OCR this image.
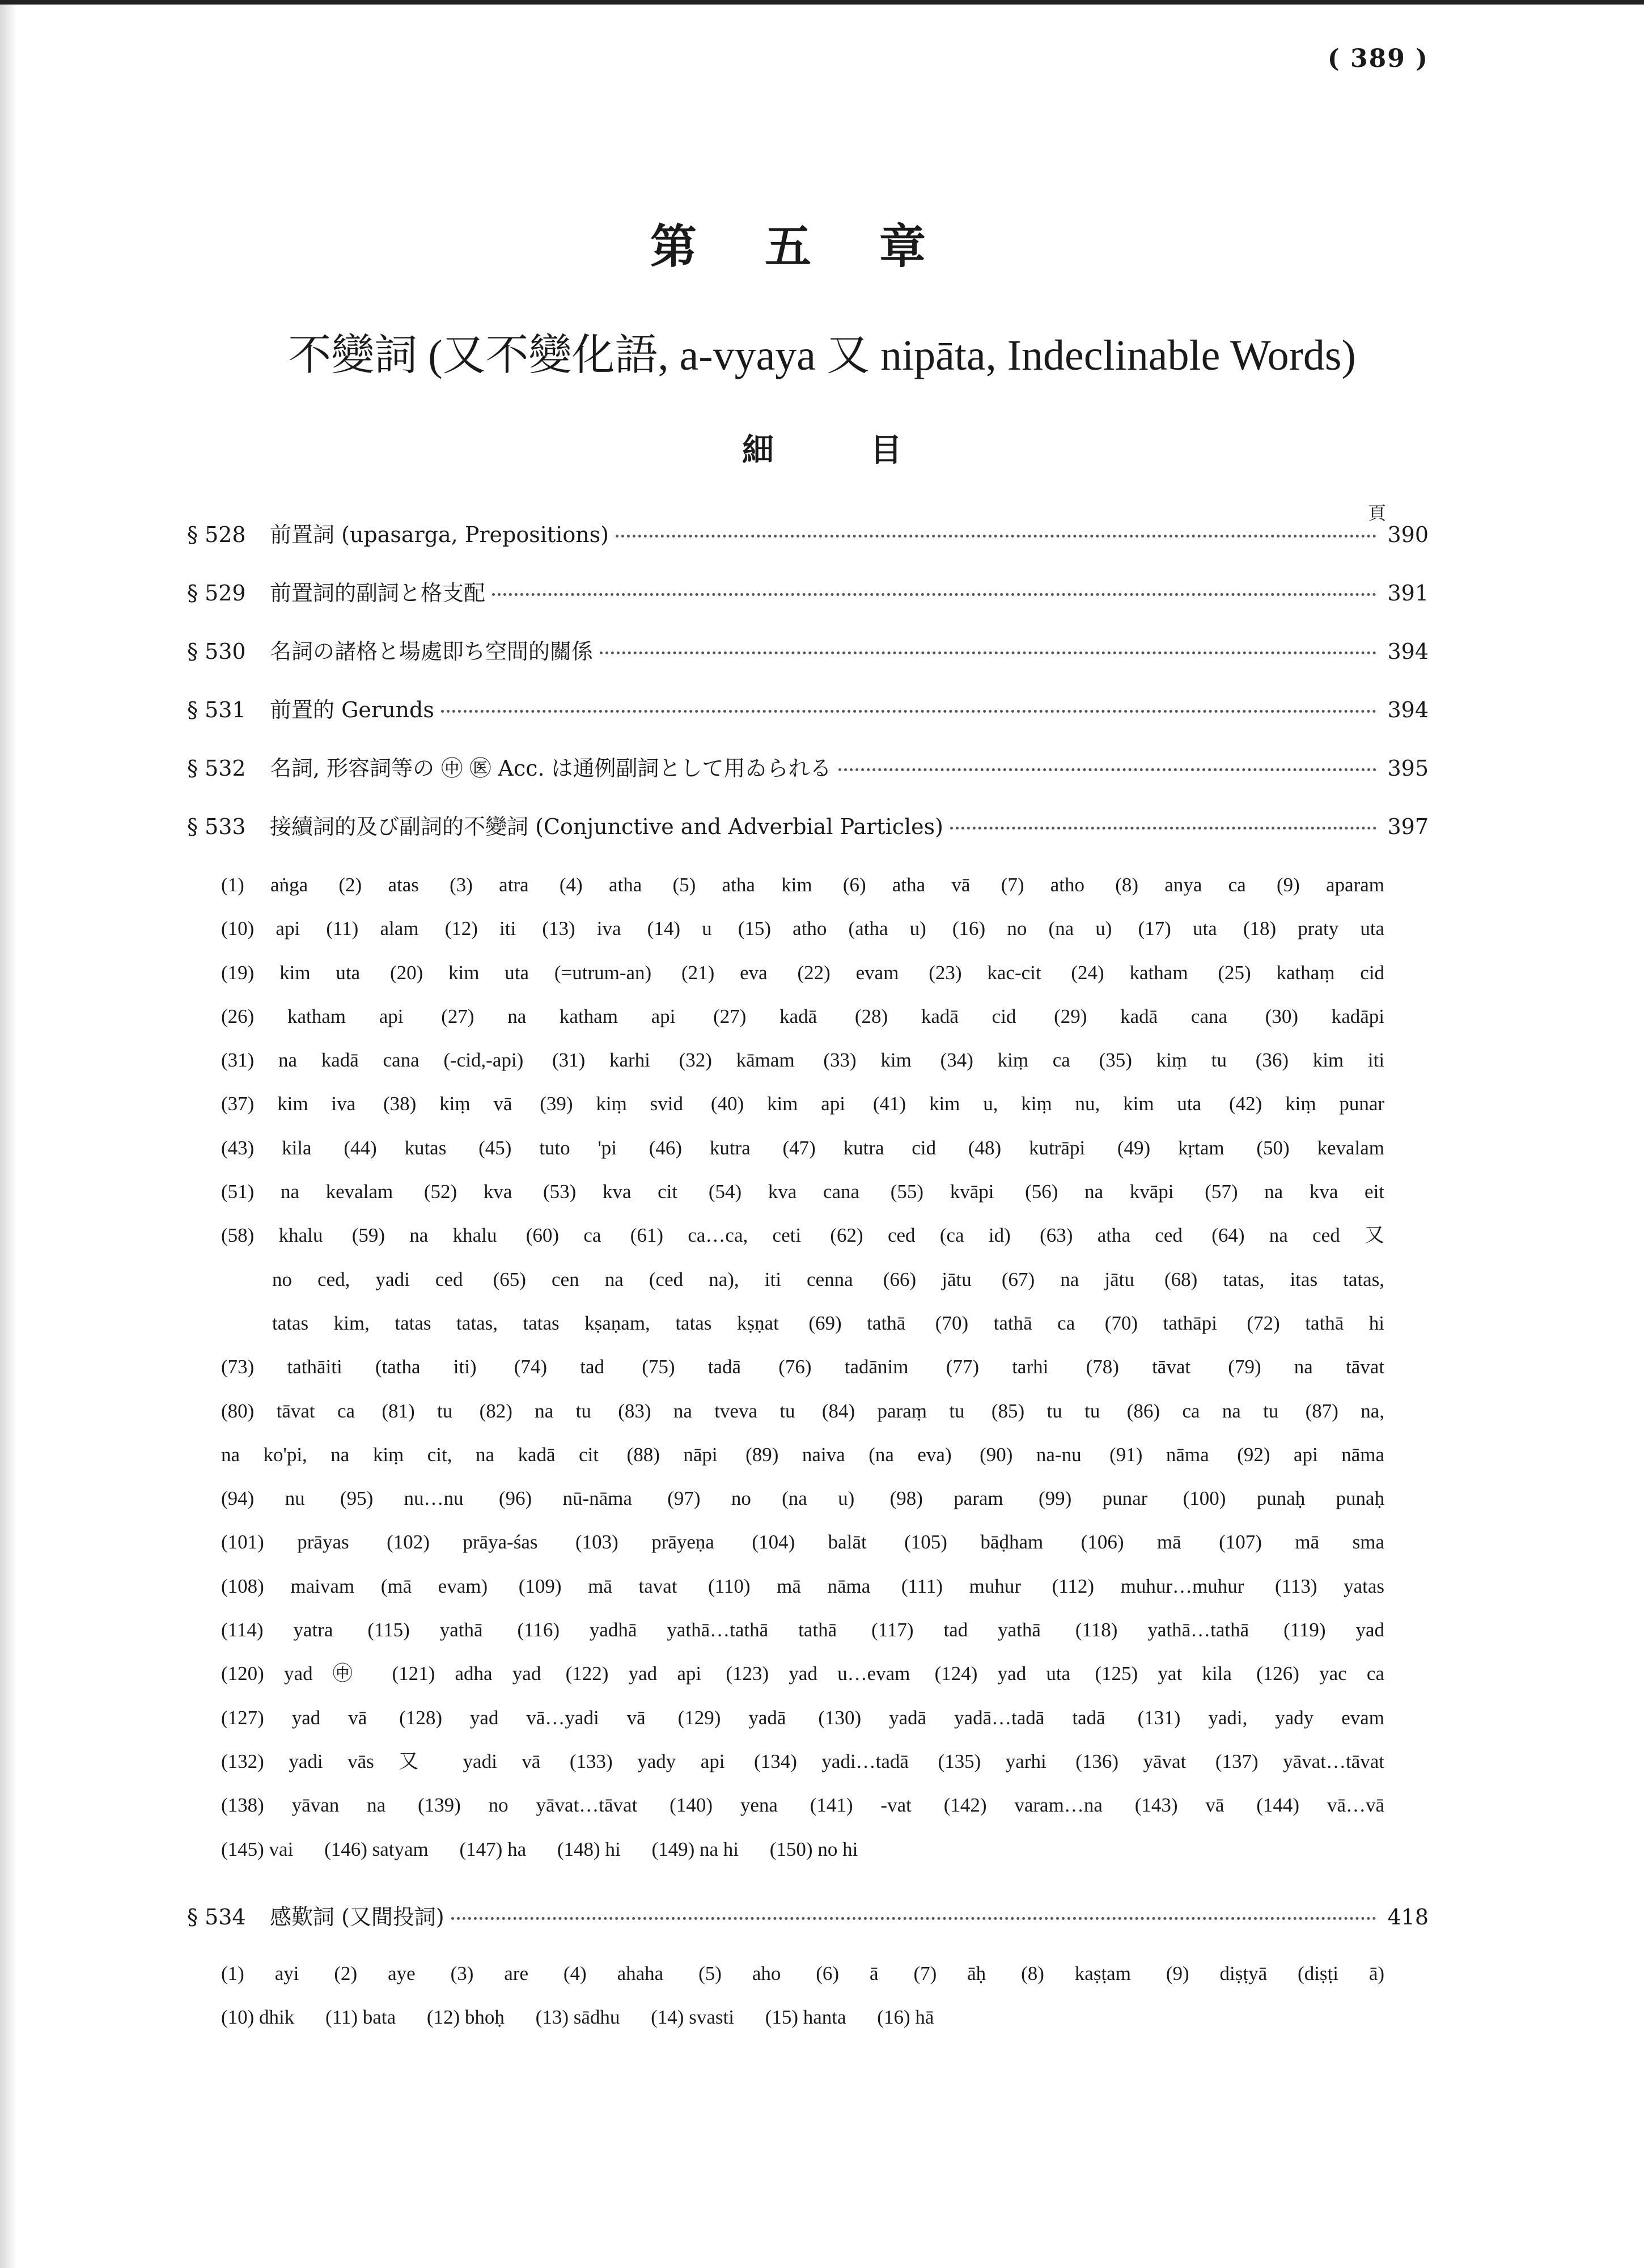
( 389 )
第五章
不變詞 (又不變化語, a-vyaya 又 nipāta, Indeclinable Words)
細目
頁
§ 528	前置詞 (upasarga, Prepositions)	390
§ 529	前置詞的副詞と格支配	391
§ 530	名詞の諸格と場處即ち空間的關係	394
§ 531	前置的 Gerunds	394
§ 532	名詞, 形容詞等の ㊥ ㊩ Acc. は通例副詞として用ゐられる	395
§ 533	接續詞的及び副詞的不變詞 (Conjunctive and Adverbial Particles)	397
(1) aṅga (2) atas (3) atra (4) atha (5) atha kim (6) atha vā (7) atho (8) anya ca (9) aparam
(10) api (11) alam (12) iti (13) iva (14) u (15) atho (atha u) (16) no (na u) (17) uta (18) praty uta
(19) kim uta (20) kim uta (=utrum-an) (21) eva (22) evam (23) kac-cit (24) katham (25) kathaṃ cid
(26) katham api (27) na katham api (27) kadā (28) kadā cid (29) kadā cana (30) kadāpi
(31) na kadā cana (-cid,-api) (31) karhi (32) kāmam (33) kim (34) kiṃ ca (35) kiṃ tu (36) kim iti
(37) kim iva (38) kiṃ vā (39) kiṃ svid (40) kim api (41) kim u, kiṃ nu, kim uta (42) kiṃ punar
(43) kila (44) kutas (45) tuto 'pi (46) kutra (47) kutra cid (48) kutrāpi (49) kṛtam (50) kevalam
(51) na kevalam (52) kva (53) kva cit (54) kva cana (55) kvāpi (56) na kvāpi (57) na kva eit
(58) khalu (59) na khalu (60) ca (61) ca…ca, ceti (62) ced (ca id) (63) atha ced (64) na ced 又
no ced, yadi ced (65) cen na (ced na), iti cenna (66) jātu (67) na jātu (68) tatas, itas tatas,
tatas kim, tatas tatas, tatas kṣaṇam, tatas kṣṇat (69) tathā (70) tathā ca (70) tathāpi (72) tathā hi
(73) tathāiti (tatha iti) (74) tad (75) tadā (76) tadānim (77) tarhi (78) tāvat (79) na tāvat
(80) tāvat ca (81) tu (82) na tu (83) na tveva tu (84) paraṃ tu (85) tu tu (86) ca na tu (87) na,
na ko'pi, na kiṃ cit, na kadā cit (88) nāpi (89) naiva (na eva) (90) na-nu (91) nāma (92) api nāma
(94) nu (95) nu…nu (96) nū-nāma (97) no (na u) (98) param (99) punar (100) punaḥ punaḥ
(101) prāyas (102) prāya-śas (103) prāyeṇa (104) balāt (105) bāḍham (106) mā (107) mā sma
(108) maivam (mā evam) (109) mā tavat (110) mā nāma (111) muhur (112) muhur…muhur (113) yatas
(114) yatra (115) yathā (116) yadhā yathā…tathā tathā (117) tad yathā (118) yathā…tathā (119) yad
(120) yad ㊥ (121) adha yad (122) yad api (123) yad u…evam (124) yad uta (125) yat kila (126) yac ca
(127) yad vā (128) yad vā…yadi vā (129) yadā (130) yadā yadā…tadā tadā (131) yadi, yady evam
(132) yadi vās 又 yadi vā (133) yady api (134) yadi…tadā (135) yarhi (136) yāvat (137) yāvat…tāvat
(138) yāvan na (139) no yāvat…tāvat (140) yena (141) -vat (142) varam…na (143) vā (144) vā…vā
(145) vai (146) satyam (147) ha (148) hi (149) na hi (150) no hi
§ 534	感歎詞 (又間投詞)	418
(1) ayi (2) aye (3) are (4) ahaha (5) aho (6) ā (7) āḥ (8) kaṣṭam (9) diṣṭyā (diṣṭi ā)
(10) dhik (11) bata (12) bhoḥ (13) sādhu (14) svasti (15) hanta (16) hā
